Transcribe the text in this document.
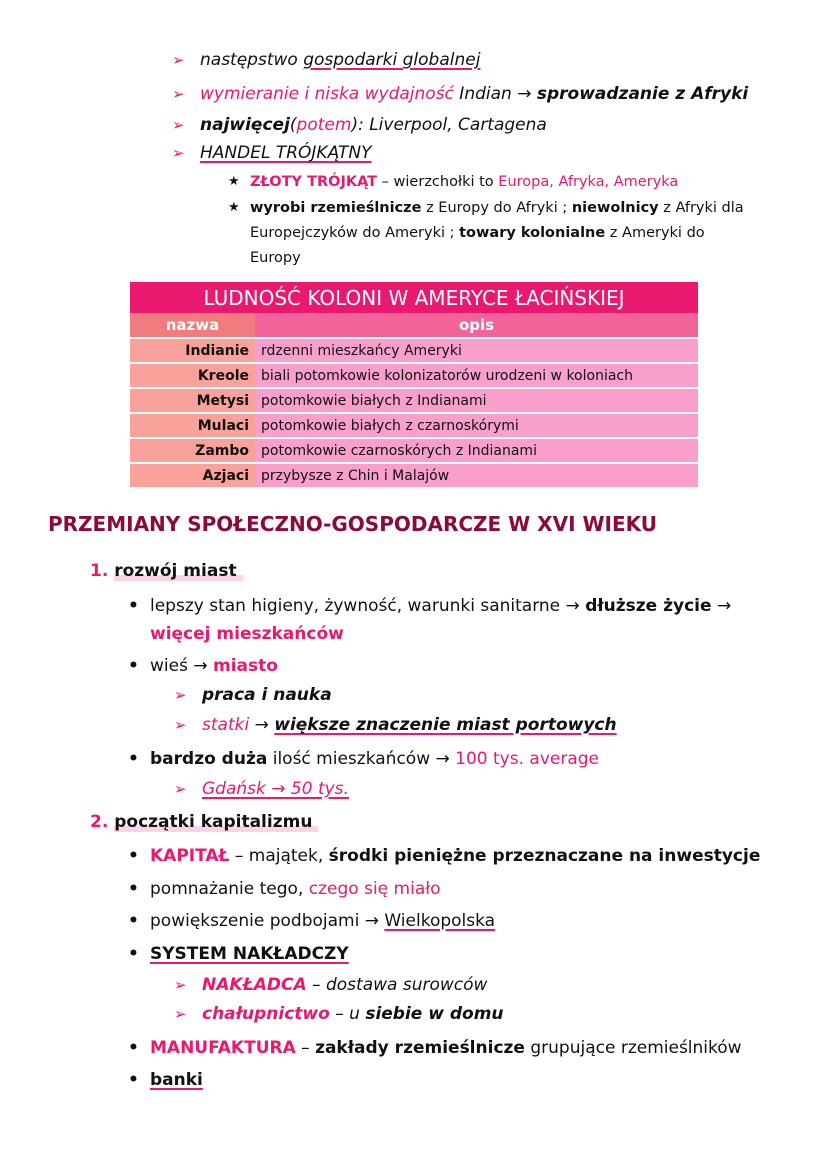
➢ następstwo gospodarki globalnej
➢ wymieranie i niska wydajność Indian → sprowadzanie z Afryki
➢ najwięcej(potem): Liverpool, Cartagena
➢ HANDEL TRÓJKĄTNY
★ ZŁOTY TRÓJKĄT – wierzchołki to Europa, Afryka, Ameryka
★ wyrobi rzemieślnicze z Europy do Afryki ; niewolnicy z Afryki dla
Europejczyków do Ameryki ; towary kolonialne z Ameryki do
Europy
LUDNOŚĆ KOLONI W AMERYCE ŁACIŃSKIEJ	
nazwa	opis
Indianie	rdzenni mieszkańcy Ameryki
Kreole	biali potomkowie kolonizatorów urodzeni w koloniach
Metysi	potomkowie białych z Indianami
Mulaci	potomkowie białych z czarnoskórymi
Zambo	potomkowie czarnoskórych z Indianami
Azjaci	przybysze z Chin i Malajów
PRZEMIANY SPOŁECZNO-GOSPODARCZE W XVI WIEKU
1. rozwój miast
• lepszy stan higieny, żywność, warunki sanitarne → dłuższe życie →
więcej mieszkańców
• wieś → miasto
➢ praca i nauka
➢ statki → większe znaczenie miast portowych
• bardzo duża ilość mieszkańców → 100 tys. average
➢ Gdańsk → 50 tys.
2. początki kapitalizmu
• KAPITAŁ – majątek, środki pieniężne przeznaczane na inwestycje
• pomnażanie tego, czego się miało
• powiększenie podbojami → Wielkopolska
• SYSTEM NAKŁADCZY
➢ NAKŁADCA – dostawa surowców
➢ chałupnictwo – u siebie w domu
• MANUFAKTURA – zakłady rzemieślnicze grupujące rzemieślników
• banki
